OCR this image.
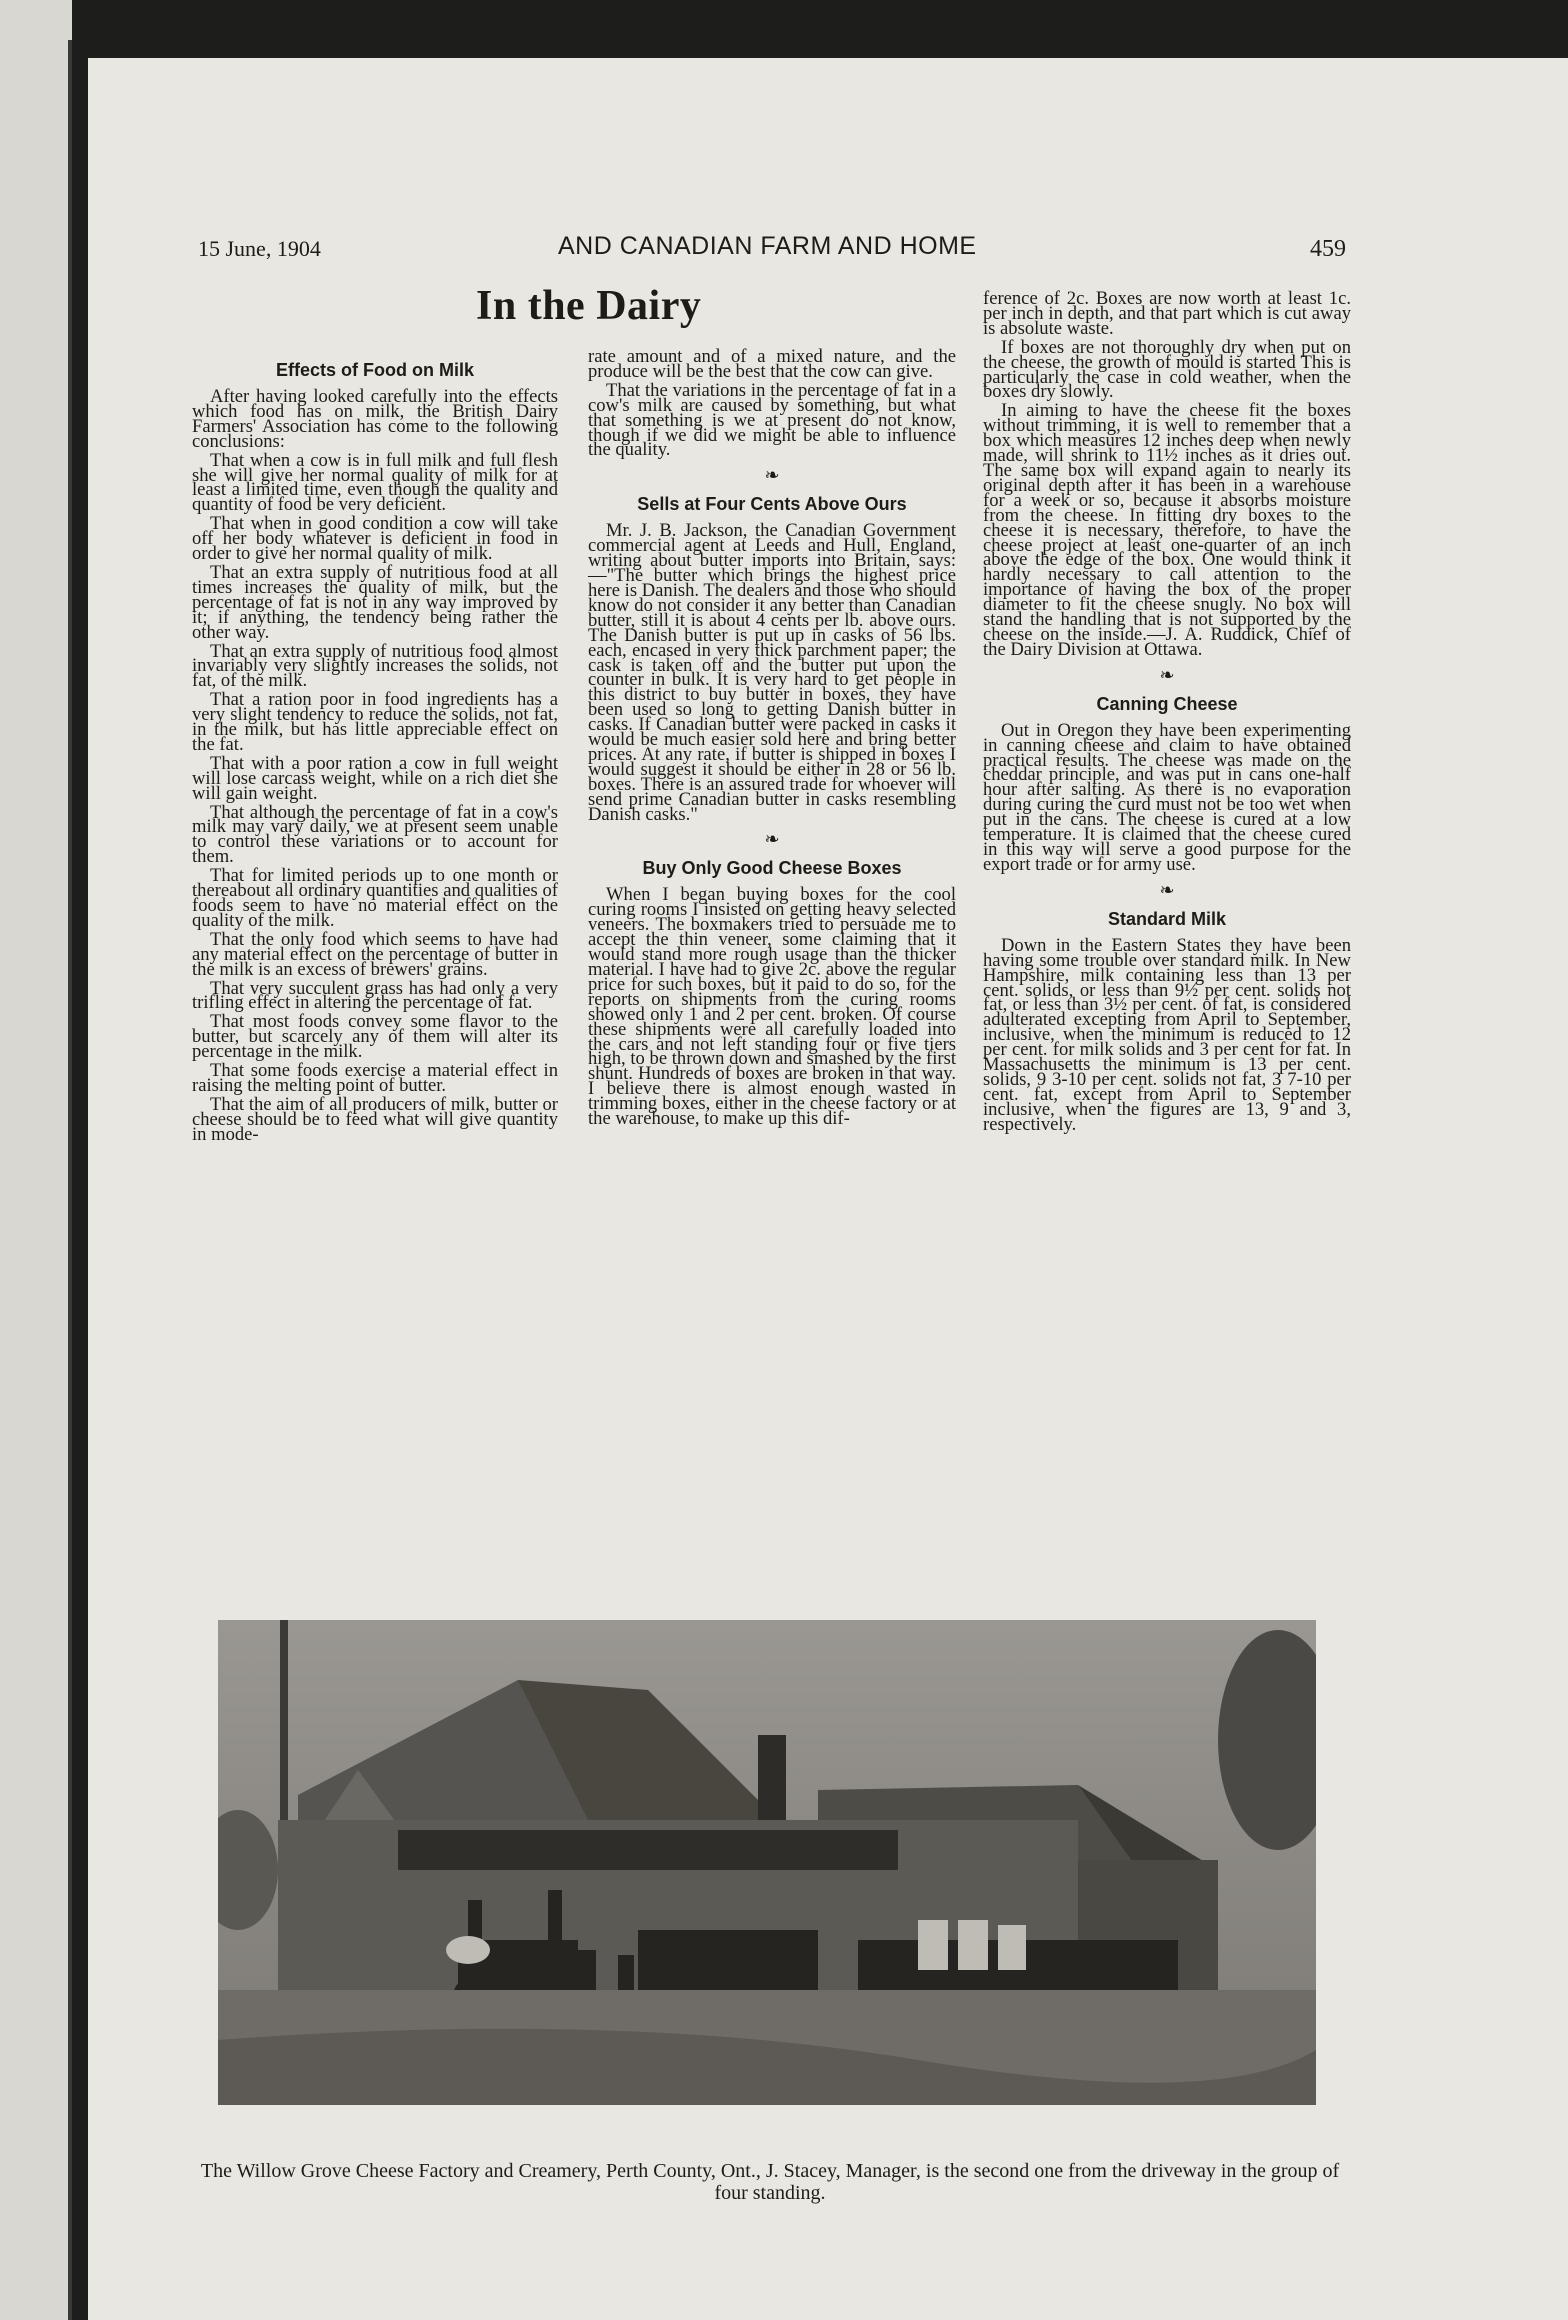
15 June, 1904	AND CANADIAN FARM AND HOME	459
In the Dairy
Effects of Food on Milk

After having looked carefully into the effects which food has on milk, the British Dairy Farmers' Association has come to the following conclusions:

That when a cow is in full milk and full flesh she will give her normal quality of milk for at least a limited time, even though the quality and quantity of food be very deficient.

That when in good condition a cow will take off her body whatever is deficient in food in order to give her normal quality of milk.

That an extra supply of nutritious food at all times increases the quality of milk, but the percentage of fat is not in any way improved by it; if anything, the tendency being rather the other way.

That an extra supply of nutritious food almost invariably very slightly increases the solids, not fat, of the milk.

That a ration poor in food ingredients has a very slight tendency to reduce the solids, not fat, in the milk, but has little appreciable effect on the fat.

That with a poor ration a cow in full weight will lose carcass weight, while on a rich diet she will gain weight.

That although the percentage of fat in a cow's milk may vary daily, we at present seem unable to control these variations or to account for them.

That for limited periods up to one month or thereabout all ordinary quantities and qualities of foods seem to have no material effect on the quality of the milk.

That the only food which seems to have had any material effect on the percentage of butter in the milk is an excess of brewers' grains.

That very succulent grass has had only a very trifling effect in altering the percentage of fat.

That most foods convey some flavor to the butter, but scarcely any of them will alter its percentage in the milk.

That some foods exercise a material effect in raising the melting point of butter.

That the aim of all producers of milk, butter or cheese should be to feed what will give quantity in mode-

rate amount and of a mixed nature, and the produce will be the best that the cow can give.

That the variations in the percentage of fat in a cow's milk are caused by something, but what that something is we at present do not know, though if we did we might be able to influence the quality.

❧
Sells at Four Cents Above Ours

Mr. J. B. Jackson, the Canadian Government commercial agent at Leeds and Hull, England, writing about butter imports into Britain, says:—"The butter which brings the highest price here is Danish. The dealers and those who should know do not consider it any better than Canadian butter, still it is about 4 cents per lb. above ours. The Danish butter is put up in casks of 56 lbs. each, encased in very thick parchment paper; the cask is taken off and the butter put upon the counter in bulk. It is very hard to get people in this district to buy butter in boxes, they have been used so long to getting Danish butter in casks. If Canadian butter were packed in casks it would be much easier sold here and bring better prices. At any rate, if butter is shipped in boxes I would suggest it should be either in 28 or 56 lb. boxes. There is an assured trade for whoever will send prime Canadian butter in casks resembling Danish casks."

❧
Buy Only Good Cheese Boxes

When I began buying boxes for the cool curing rooms I insisted on getting heavy selected veneers. The boxmakers tried to persuade me to accept the thin veneer, some claiming that it would stand more rough usage than the thicker material. I have had to give 2c. above the regular price for such boxes, but it paid to do so, for the reports on shipments from the curing rooms showed only 1 and 2 per cent. broken. Of course these shipments were all carefully loaded into the cars and not left standing four or five tiers high, to be thrown down and smashed by the first shunt. Hundreds of boxes are broken in that way. I believe there is almost enough wasted in trimming boxes, either in the cheese factory or at the warehouse, to make up this dif-

ference of 2c. Boxes are now worth at least 1c. per inch in depth, and that part which is cut away is absolute waste.

If boxes are not thoroughly dry when put on the cheese, the growth of mould is started This is particularly the case in cold weather, when the boxes dry slowly.

In aiming to have the cheese fit the boxes without trimming, it is well to remember that a box which measures 12 inches deep when newly made, will shrink to 11½ inches as it dries out. The same box will expand again to nearly its original depth after it has been in a warehouse for a week or so, because it absorbs moisture from the cheese. In fitting dry boxes to the cheese it is necessary, therefore, to have the cheese project at least one-quarter of an inch above the edge of the box. One would think it hardly necessary to call attention to the importance of having the box of the proper diameter to fit the cheese snugly. No box will stand the handling that is not supported by the cheese on the inside.—J. A. Ruddick, Chief of the Dairy Division at Ottawa.

❧
Canning Cheese

Out in Oregon they have been experimenting in canning cheese and claim to have obtained practical results. The cheese was made on the cheddar principle, and was put in cans one-half hour after salting. As there is no evaporation during curing the curd must not be too wet when put in the cans. The cheese is cured at a low temperature. It is claimed that the cheese cured in this way will serve a good purpose for the export trade or for army use.

❧
Standard Milk

Down in the Eastern States they have been having some trouble over standard milk. In New Hampshire, milk containing less than 13 per cent. solids, or less than 9½ per cent. solids not fat, or less than 3½ per cent. of fat, is considered adulterated excepting from April to September, inclusive, when the minimum is reduced to 12 per cent. for milk solids and 3 per cent for fat. In Massachusetts the minimum is 13 per cent. solids, 9 3-10 per cent. solids not fat, 3 7-10 per cent. fat, except from April to September inclusive, when the figures are 13, 9 and 3, respectively.

The Willow Grove Cheese Factory and Creamery, Perth County, Ont., J. Stacey, Manager, is the second one from the driveway in the group of four standing.
